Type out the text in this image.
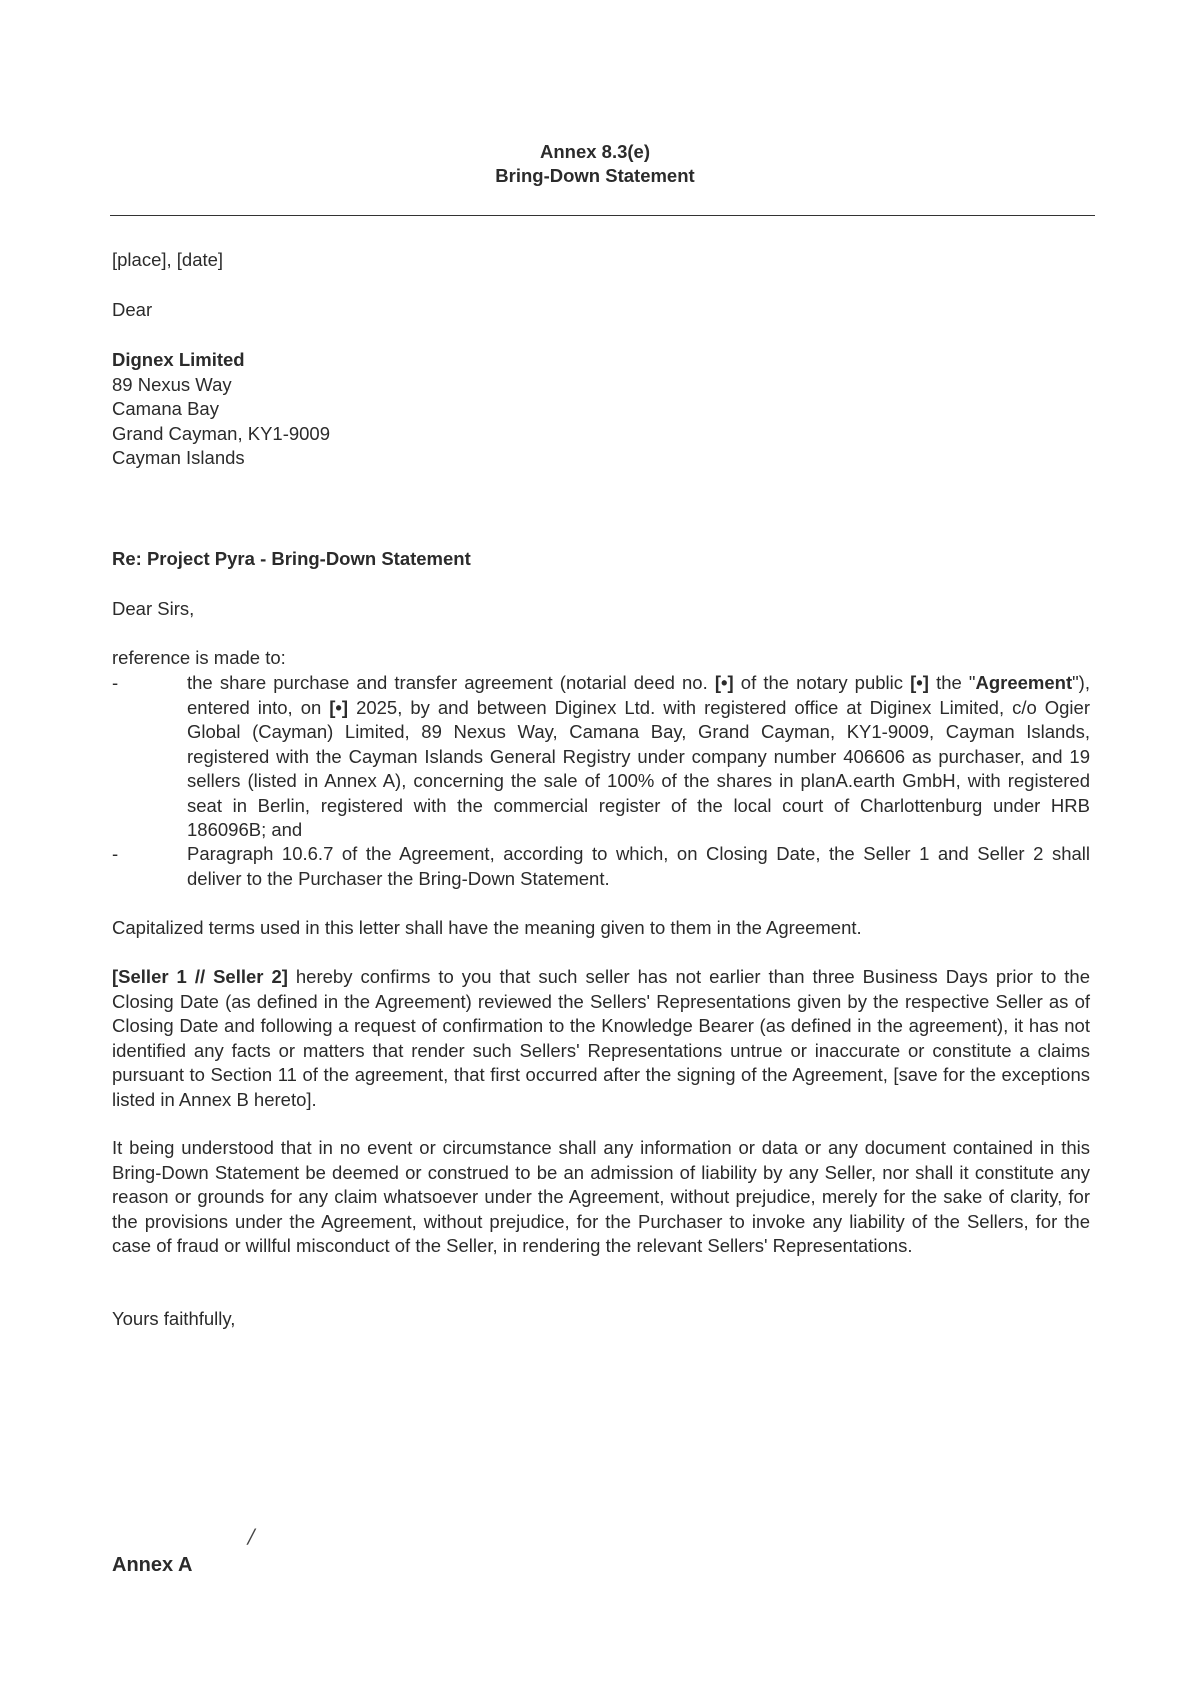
Annex 8.3(e)
Bring-Down Statement
[place], [date]
Dear
Dignex Limited
89 Nexus Way
Camana Bay
Grand Cayman, KY1-9009
Cayman Islands
Re: Project Pyra - Bring-Down Statement
Dear Sirs,
reference is made to:
-	the share purchase and transfer agreement (notarial deed no. [•] of the notary public [•] the "Agreement"), entered into, on [•] 2025, by and between Diginex Ltd. with registered office at Diginex Limited, c/o Ogier Global (Cayman) Limited, 89 Nexus Way, Camana Bay, Grand Cayman, KY1-9009, Cayman Islands, registered with the Cayman Islands General Registry under company number 406606 as purchaser, and 19 sellers (listed in Annex A), concerning the sale of 100% of the shares in planA.earth GmbH, with registered seat in Berlin, registered with the commercial register of the local court of Charlottenburg under HRB 186096B; and
-	Paragraph 10.6.7 of the Agreement, according to which, on Closing Date, the Seller 1 and Seller 2 shall deliver to the Purchaser the Bring-Down Statement.
Capitalized terms used in this letter shall have the meaning given to them in the Agreement.
[Seller 1 // Seller 2] hereby confirms to you that such seller has not earlier than three Business Days prior to the Closing Date (as defined in the Agreement) reviewed the Sellers' Representations given by the respective Seller as of Closing Date and following a request of confirmation to the Knowledge Bearer (as defined in the agreement), it has not identified any facts or matters that render such Sellers' Representations untrue or inaccurate or constitute a claims pursuant to Section 11 of the agreement, that first occurred after the signing of the Agreement, [save for the exceptions listed in Annex B hereto].
It being understood that in no event or circumstance shall any information or data or any document contained in this Bring-Down Statement be deemed or construed to be an admission of liability by any Seller, nor shall it constitute any reason or grounds for any claim whatsoever under the Agreement, without prejudice, merely for the sake of clarity, for the provisions under the Agreement, without prejudice, for the Purchaser to invoke any liability of the Sellers, for the case of fraud or willful misconduct of the Seller, in rendering the relevant Sellers' Representations.
Yours faithfully,
/
Annex A
